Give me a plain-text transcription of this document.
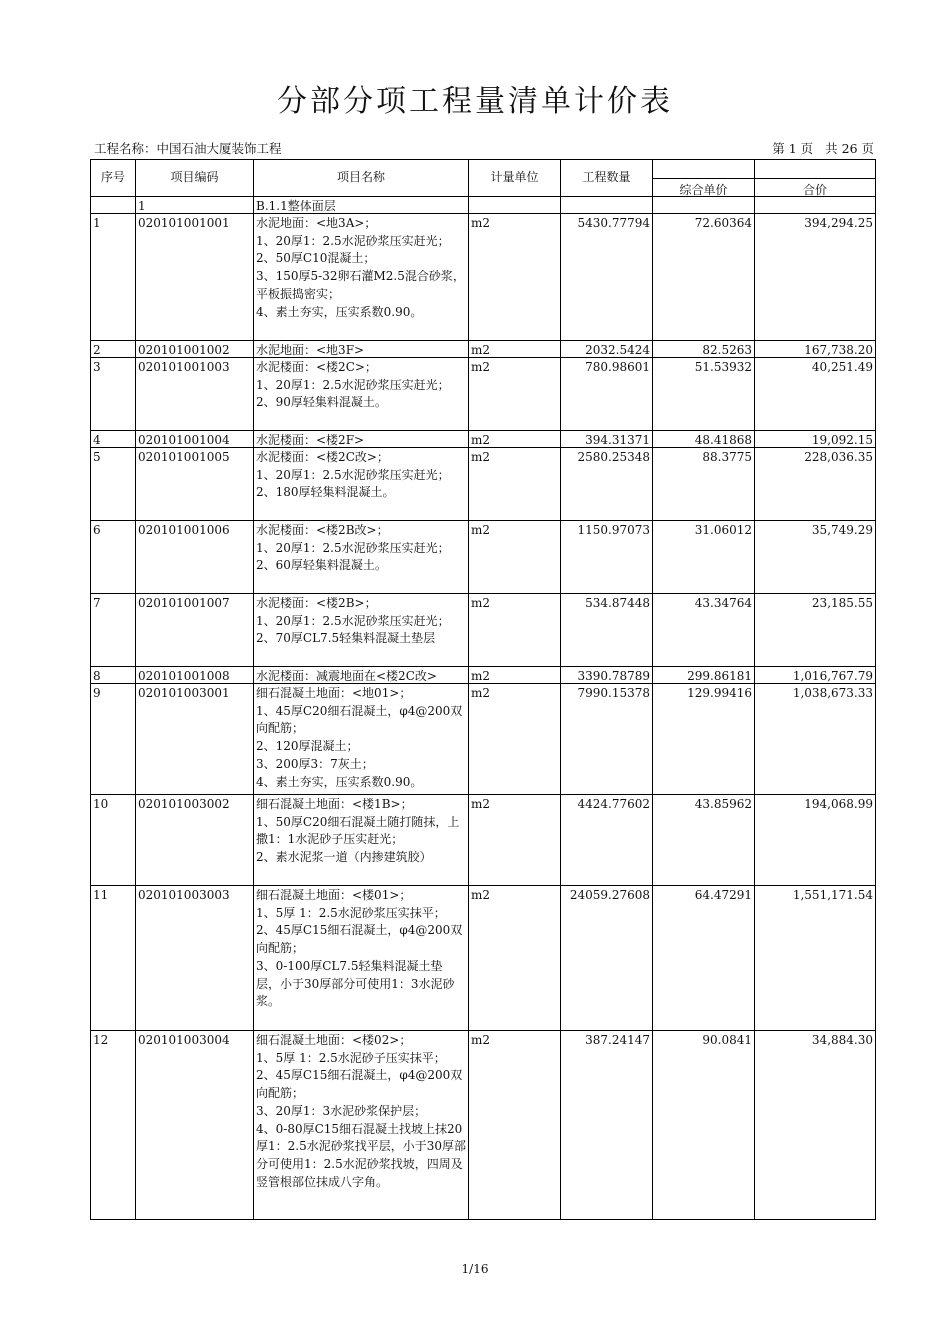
分部分项工程量清单计价表
工程名称：中国石油大厦装饰工程	第 1 页 共 26 页
序号	项目编码	项目名称	计量单位	工程数量	综合单价	合价

	1	B.1.1整体面层				

1	020101001001	水泥地面：<地3A>；
1、20厚1：2.5水泥砂浆压实赶光；
2、50厚C10混凝土；
3、150厚5-32卵石灌M2.5混合砂浆，平板振捣密实；
4、素土夯实，压实系数0.90。	m2	5430.77794	72.60364	394,294.25

2	020101001002	水泥地面：<地3F>	m2	2032.5424	82.5263	167,738.20

3	020101001003	水泥楼面：<楼2C>；
1、20厚1：2.5水泥砂浆压实赶光；
2、90厚轻集料混凝土。	m2	780.98601	51.53932	40,251.49

4	020101001004	水泥楼面：<楼2F>	m2	394.31371	48.41868	19,092.15

5	020101001005	水泥楼面：<楼2C改>；
1、20厚1：2.5水泥砂浆压实赶光；
2、180厚轻集料混凝土。	m2	2580.25348	88.3775	228,036.35

6	020101001006	水泥楼面：<楼2B改>；
1、20厚1：2.5水泥砂浆压实赶光；
2、60厚轻集料混凝土。	m2	1150.97073	31.06012	35,749.29

7	020101001007	水泥楼面：<楼2B>；
1、20厚1：2.5水泥砂浆压实赶光；
2、70厚CL7.5轻集料混凝土垫层	m2	534.87448	43.34764	23,185.55

8	020101001008	水泥楼面：减震地面在<楼2C改>	m2	3390.78789	299.86181	1,016,767.79

9	020101003001	细石混凝土地面：<地01>；
1、45厚C20细石混凝土，φ4@200双向配筋；
2、120厚混凝土；
3、200厚3：7灰土；
4、素土夯实，压实系数0.90。	m2	7990.15378	129.99416	1,038,673.33

10	020101003002	细石混凝土地面：<楼1B>；
1、50厚C20细石混凝土随打随抹，上撒1：1水泥砂子压实赶光；
2、素水泥浆一道（内掺建筑胶）	m2	4424.77602	43.85962	194,068.99

11	020101003003	细石混凝土地面：<楼01>；
1、5厚 1：2.5水泥砂浆压实抹平；
2、45厚C15细石混凝土，φ4@200双向配筋；
3、0-100厚CL7.5轻集料混凝土垫层，小于30厚部分可使用1：3水泥砂浆。	m2	24059.27608	64.47291	1,551,171.54

12	020101003004	细石混凝土地面：<楼02>；
1、5厚 1：2.5水泥砂子压实抹平；
2、45厚C15细石混凝土，φ4@200双向配筋；
3、20厚1：3水泥砂浆保护层；
4、0-80厚C15细石混凝土找坡上抹20厚1：2.5水泥砂浆找平层，小于30厚部分可使用1：2.5水泥砂浆找坡，四周及竖管根部位抹成八字角。	m2	387.24147	90.0841	34,884.30
1/16
